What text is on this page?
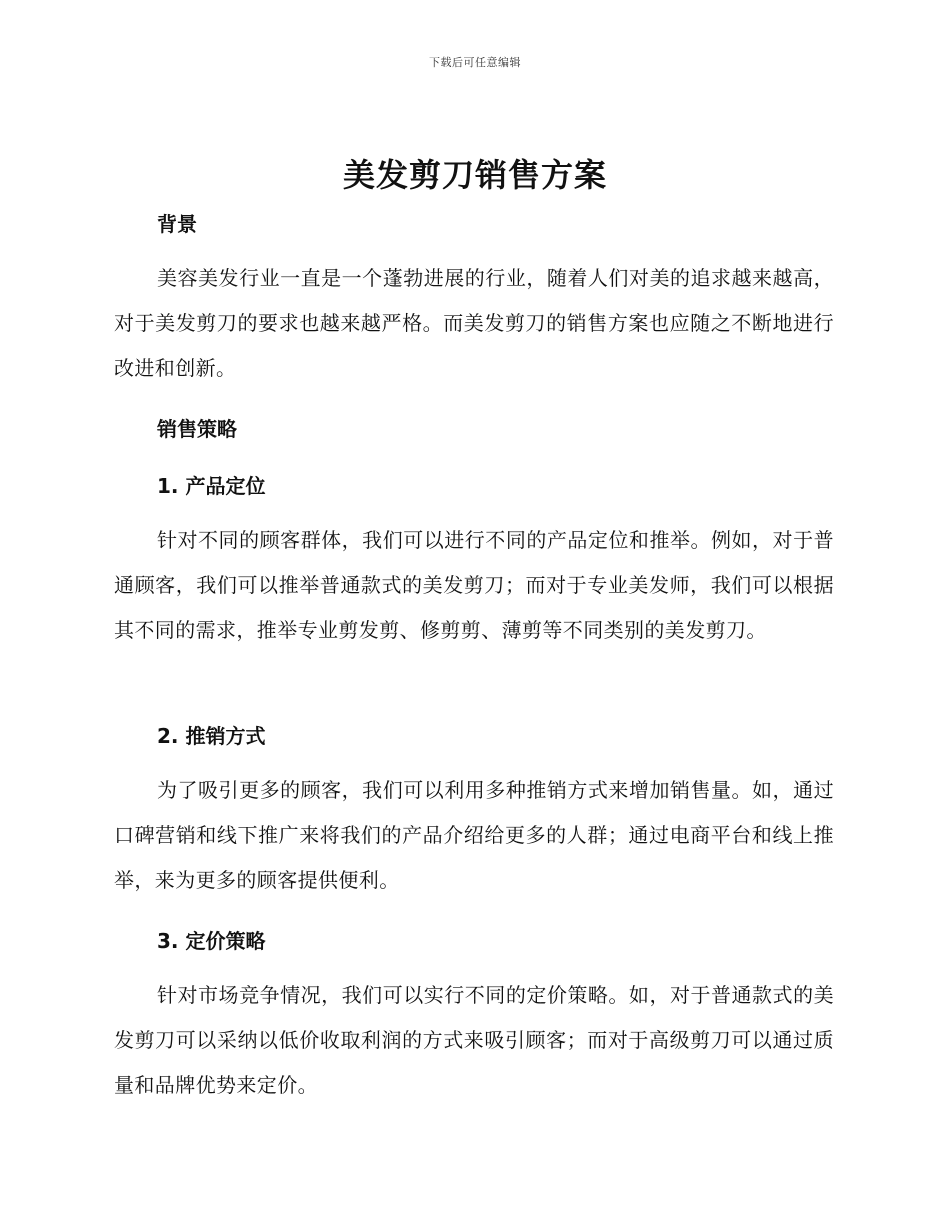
下载后可任意编辑
美发剪刀销售方案
背景

美容美发行业一直是一个蓬勃进展的行业，随着人们对美的追求越来越高，对于美发剪刀的要求也越来越严格。而美发剪刀的销售方案也应随之不断地进行改进和创新。

销售策略
1. 产品定位

针对不同的顾客群体，我们可以进行不同的产品定位和推举。例如，对于普通顾客，我们可以推举普通款式的美发剪刀；而对于专业美发师，我们可以根据其不同的需求，推举专业剪发剪、修剪剪、薄剪等不同类别的美发剪刀。

2. 推销方式

为了吸引更多的顾客，我们可以利用多种推销方式来增加销售量。如，通过口碑营销和线下推广来将我们的产品介绍给更多的人群；通过电商平台和线上推举，来为更多的顾客提供便利。

3. 定价策略

针对市场竞争情况，我们可以实行不同的定价策略。如，对于普通款式的美发剪刀可以采纳以低价收取利润的方式来吸引顾客；而对于高级剪刀可以通过质量和品牌优势来定价。
